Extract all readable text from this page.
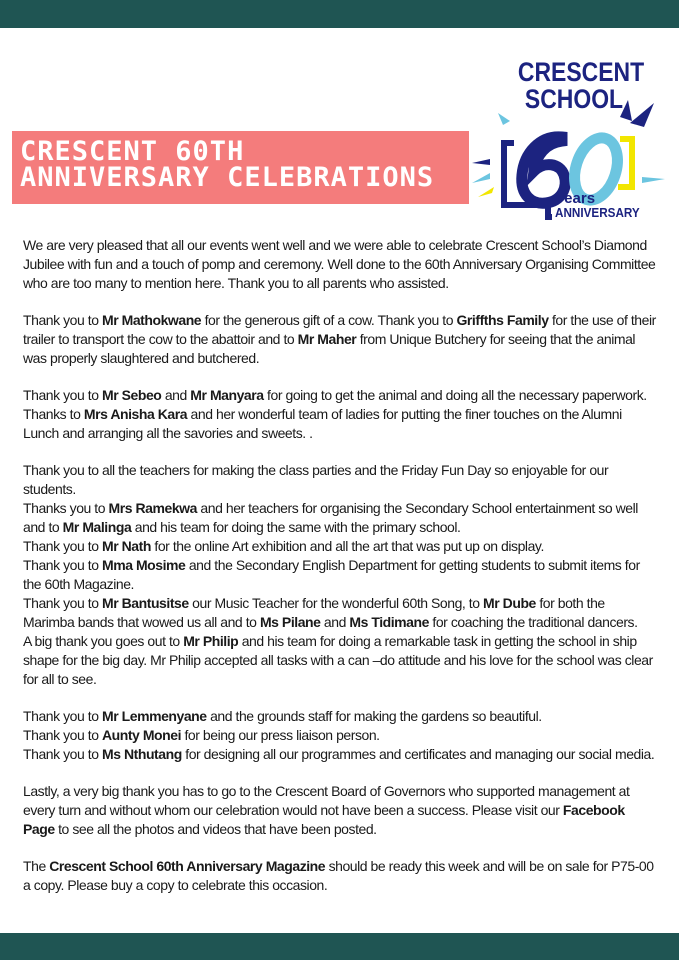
CRESCENT 60TH
ANNIVERSARY CELEBRATIONS
CRESCENT
SCHOOL
Years
ANNIVERSARY

We are very pleased that all our events went well and we were able to celebrate Crescent School’s Diamond Jubilee with fun and a touch of pomp and ceremony. Well done to the 60th Anniversary Organising Committee who are too many to mention here. Thank you to all parents who assisted.

Thank you to Mr Mathokwane for the generous gift of a cow. Thank you to Griffths Family for the use of their trailer to transport the cow to the abattoir and to Mr Maher from Unique Butchery for seeing that the animal was properly slaughtered and butchered.

Thank you to Mr Sebeo and Mr Manyara for going to get the animal and doing all the necessary paperwork.
Thanks to Mrs Anisha Kara and her wonderful team of ladies for putting the finer touches on the Alumni Lunch and arranging all the savories and sweets. .

Thank you to all the teachers for making the class parties and the Friday Fun Day so enjoyable for our students.
Thanks you to Mrs Ramekwa and her teachers for organising the Secondary School entertainment so well and to Mr Malinga and his team for doing the same with the primary school.
Thank you to Mr Nath for the online Art exhibition and all the art that was put up on display.
Thank you to Mma Mosime and the Secondary English Department for getting students to submit items for the 60th Magazine.
Thank you to Mr Bantusitse our Music Teacher for the wonderful 60th Song, to Mr Dube for both the Marimba bands that wowed us all and to Ms Pilane and Ms Tidimane for coaching the traditional dancers.
A big thank you goes out to Mr Philip and his team for doing a remarkable task in getting the school in ship shape for the big day. Mr Philip accepted all tasks with a can –do attitude and his love for the school was clear for all to see.

Thank you to Mr Lemmenyane and the grounds staff for making the gardens so beautiful.
Thank you to Aunty Monei for being our press liaison person.
Thank you to Ms Nthutang for designing all our programmes and certificates and managing our social media.

Lastly, a very big thank you has to go to the Crescent Board of Governors who supported management at every turn and without whom our celebration would not have been a success. Please visit our Facebook Page to see all the photos and videos that have been posted.

The Crescent School 60th Anniversary Magazine should be ready this week and will be on sale for P75-00 a copy. Please buy a copy to celebrate this occasion.
